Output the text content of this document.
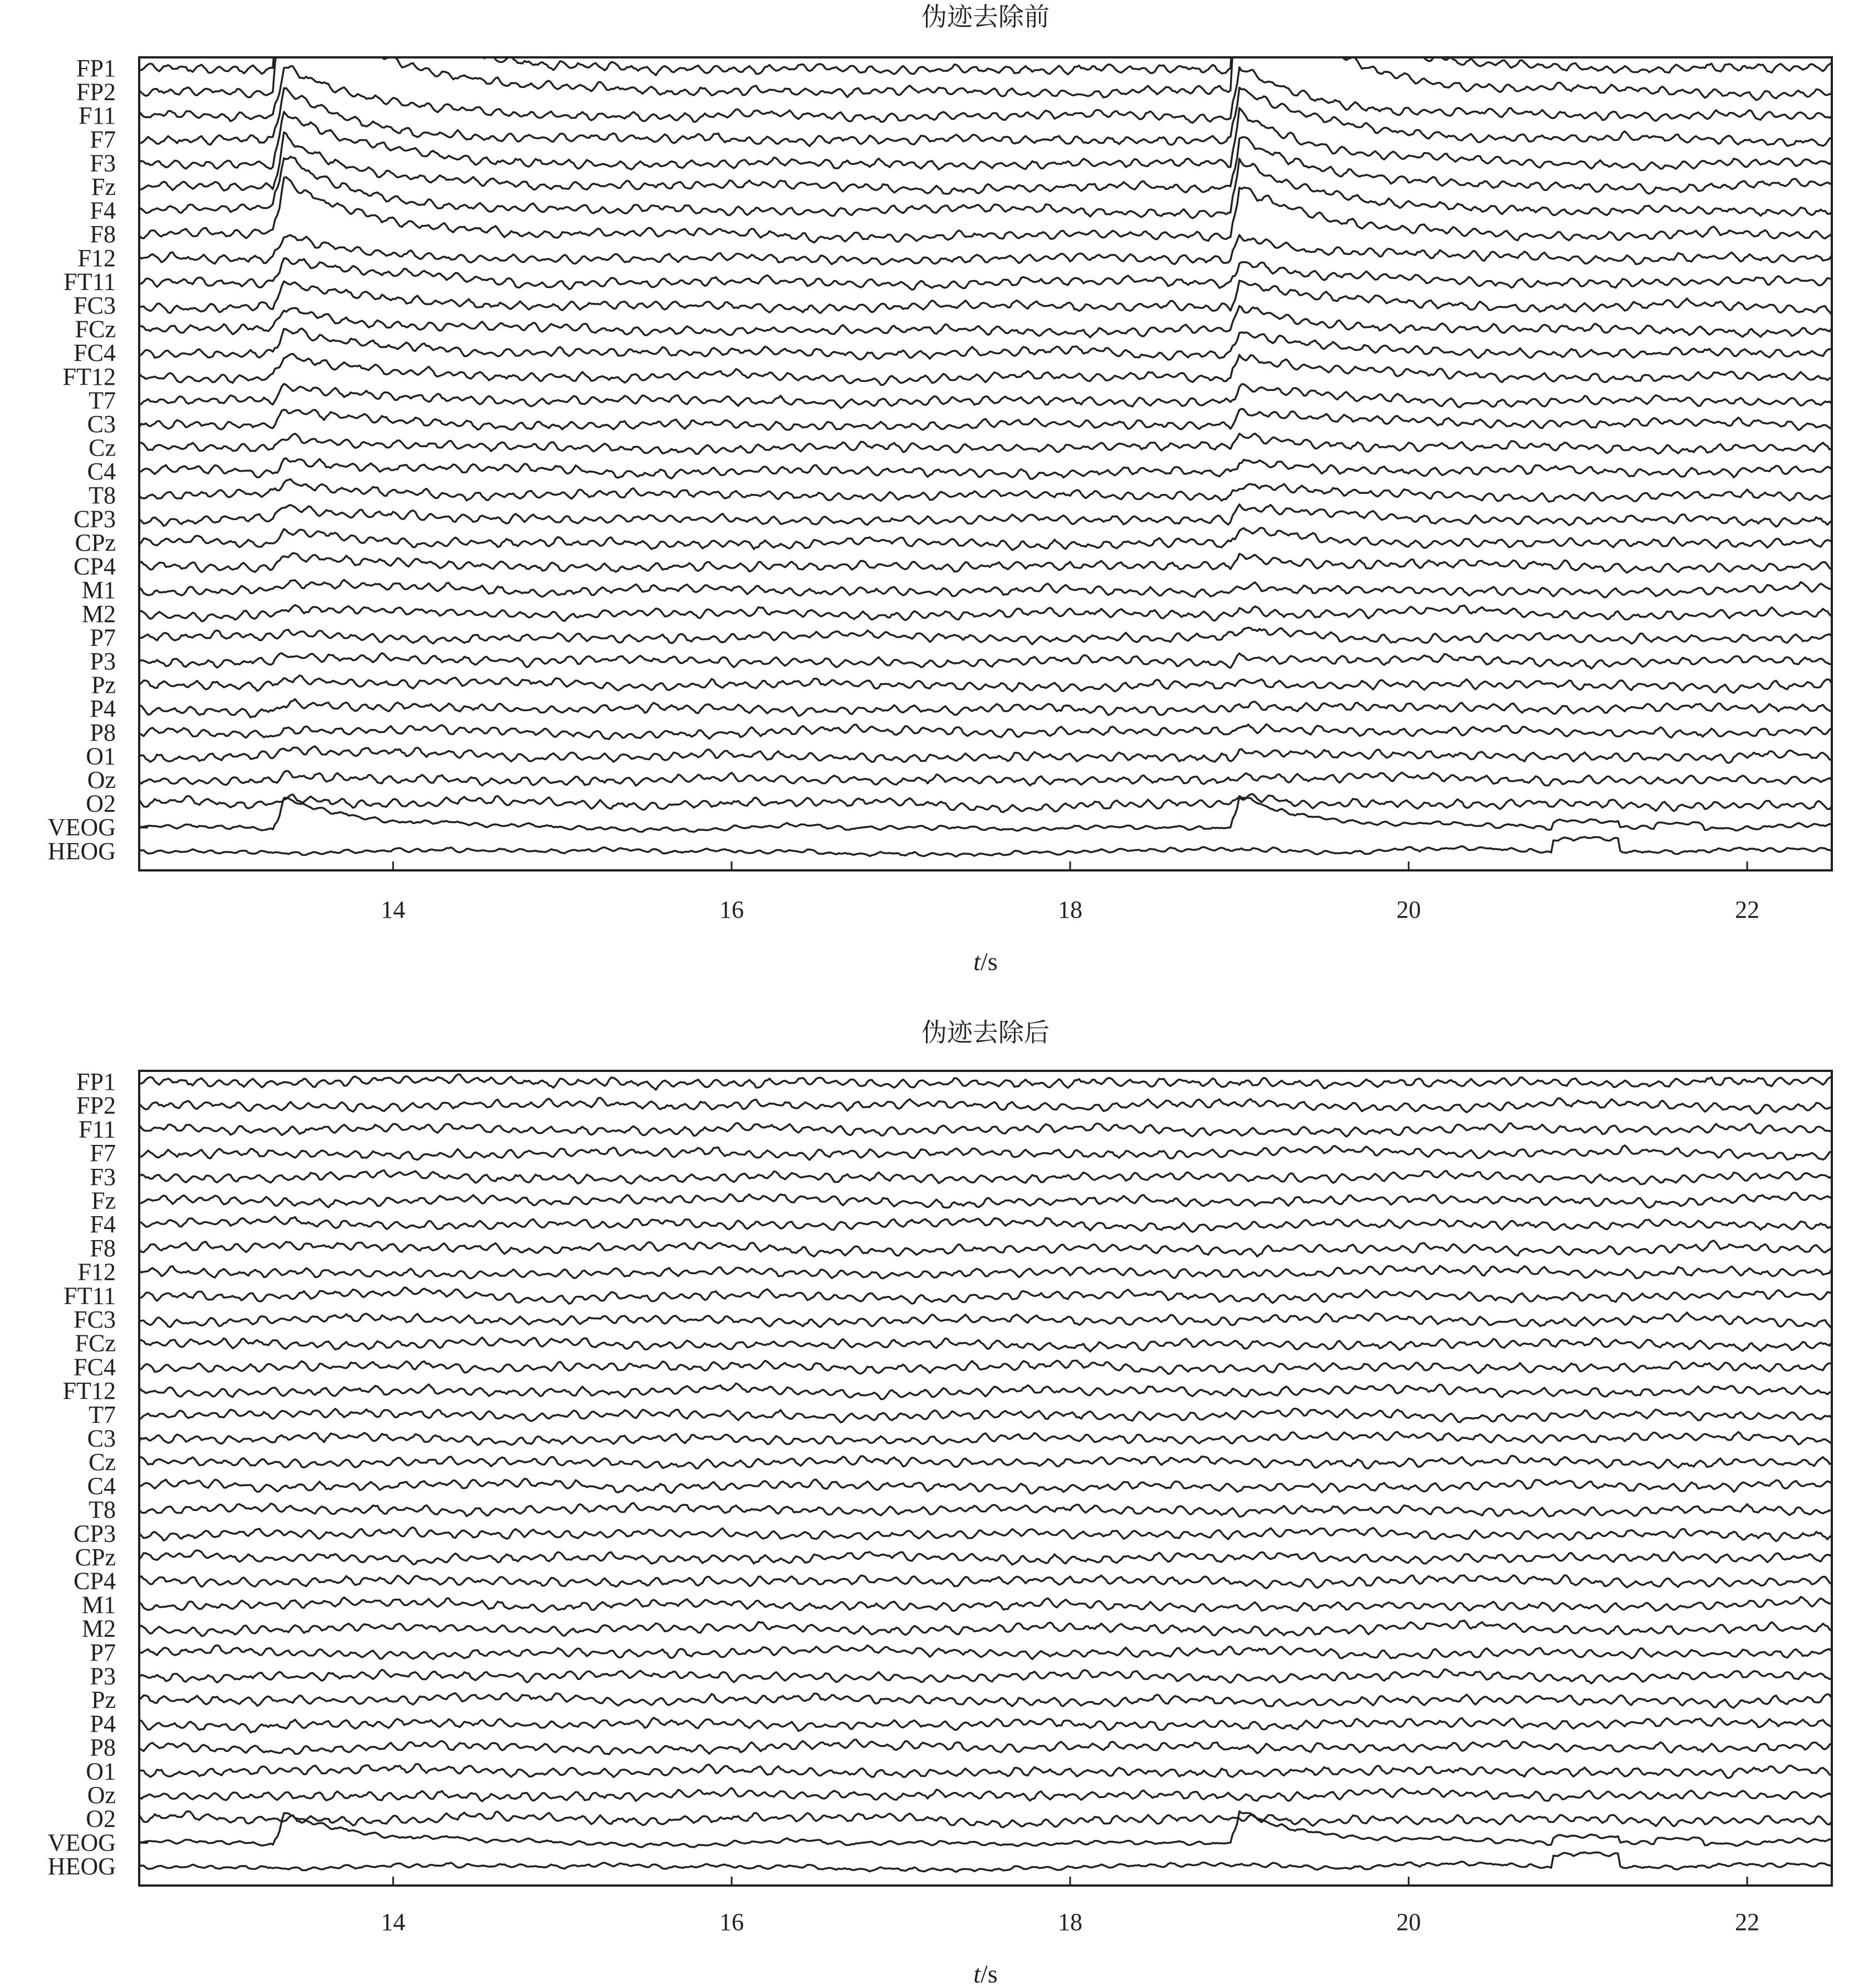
伪迹去除前
FP1
FP2
F11
F7
F3
Fz
F4
F8
F12
FT11
FC3
FCz
FC4
FT12
T7
C3
Cz
C4
T8
CP3
CPz
CP4
M1
M2
P7
P3
Pz
P4
P8
O1
Oz
O2
VEOG
HEOG
14	16	18	20	22
t/s
伪迹去除后
FP1
FP2
F11
F7
F3
Fz
F4
F8
F12
FT11
FC3
FCz
FC4
FT12
T7
C3
Cz
C4
T8
CP3
CPz
CP4
M1
M2
P7
P3
Pz
P4
P8
O1
Oz
O2
VEOG
HEOG
14	16	18	20	22
t/s
